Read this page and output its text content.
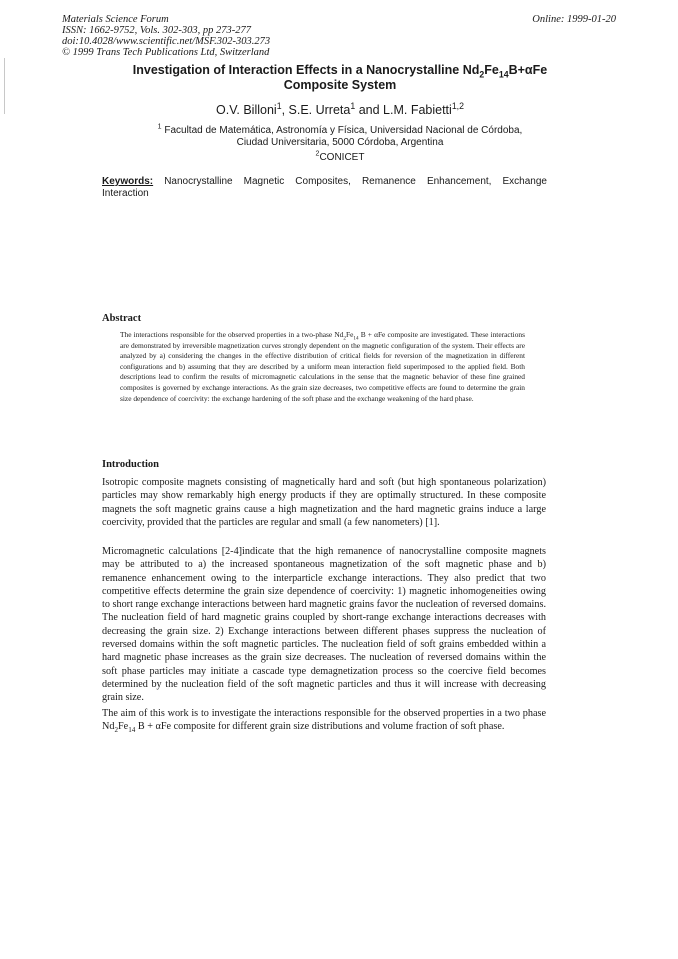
Materials Science Forum
ISSN: 1662-9752, Vols. 302-303, pp 273-277
doi:10.4028/www.scientific.net/MSF.302-303.273
© 1999 Trans Tech Publications Ltd, Switzerland
Online: 1999-01-20
Investigation of Interaction Effects in a Nanocrystalline $Nd_2Fe_{14}B+\alpha Fe$
Composite System
O.V. Billoni$^1$, S.E. Urreta$^1$ and L.M. Fabietti$^{1,2}$
$^1$ Facultad de Matemática, Astronomía y Física, Universidad Nacional de Córdoba,
Ciudad Universitaria, 5000 Córdoba, Argentina
$^2$CONICET
Keywords: Nanocrystalline Magnetic Composites, Remanence Enhancement, Exchange
Interaction
Abstract
The interactions responsible for the observed properties in a two-phase $Nd_2Fe_{14}$ B + αFe composite are investigated. These interactions are demonstrated by irreversible magnetization curves strongly dependent on the magnetic configuration of the system. Their effects are analyzed by a) considering the changes in the effective distribution of critical fields for reversion of the magnetization in different configurations and b) assuming that they are described by a uniform mean interaction field superimposed to the applied field. Both descriptions lead to confirm the results of micromagnetic calculations in the sense that the magnetic behavior of these fine grained composites is governed by exchange interactions. As the grain size decreases, two competitive effects are found to determine the grain size dependence of coercivity: the exchange hardening of the soft phase and the exchange weakening of the hard phase.
Introduction
Isotropic composite magnets consisting of magnetically hard and soft (but high spontaneous polarization) particles may show remarkably high energy products if they are optimally structured. In these composite magnets the soft magnetic grains cause a high magnetization and the hard magnetic grains induce a large coercivity, provided that the particles are regular and small (a few nanometers) [1].
Micromagnetic calculations [2-4]indicate that the high remanence of nanocrystalline composite magnets may be attributed to a) the increased spontaneous magnetization of the soft magnetic phase and b) remanence enhancement owing to the interparticle exchange interactions. They also predict that two competitive effects determine the grain size dependence of coercivity: 1) magnetic inhomogeneities owing to short range exchange interactions between hard magnetic grains favor the nucleation of reversed domains. The nucleation field of hard magnetic grains coupled by short-range exchange interactions decreases with decreasing the grain size. 2) Exchange interactions between different phases suppress the nucleation of reversed domains within the soft magnetic particles. The nucleation field of soft grains embedded within a hard magnetic phase increases as the grain size decreases. The nucleation of reversed domains within the soft phase particles may initiate a cascade type demagnetization process so the coercive field becomes determined by the nucleation field of the soft magnetic particles and thus it will increase with decreasing grain size.
The aim of this work is to investigate the interactions responsible for the observed properties in a two phase $Nd_2Fe_{14}$ B + αFe composite for different grain size distributions and volume fraction of soft phase.
